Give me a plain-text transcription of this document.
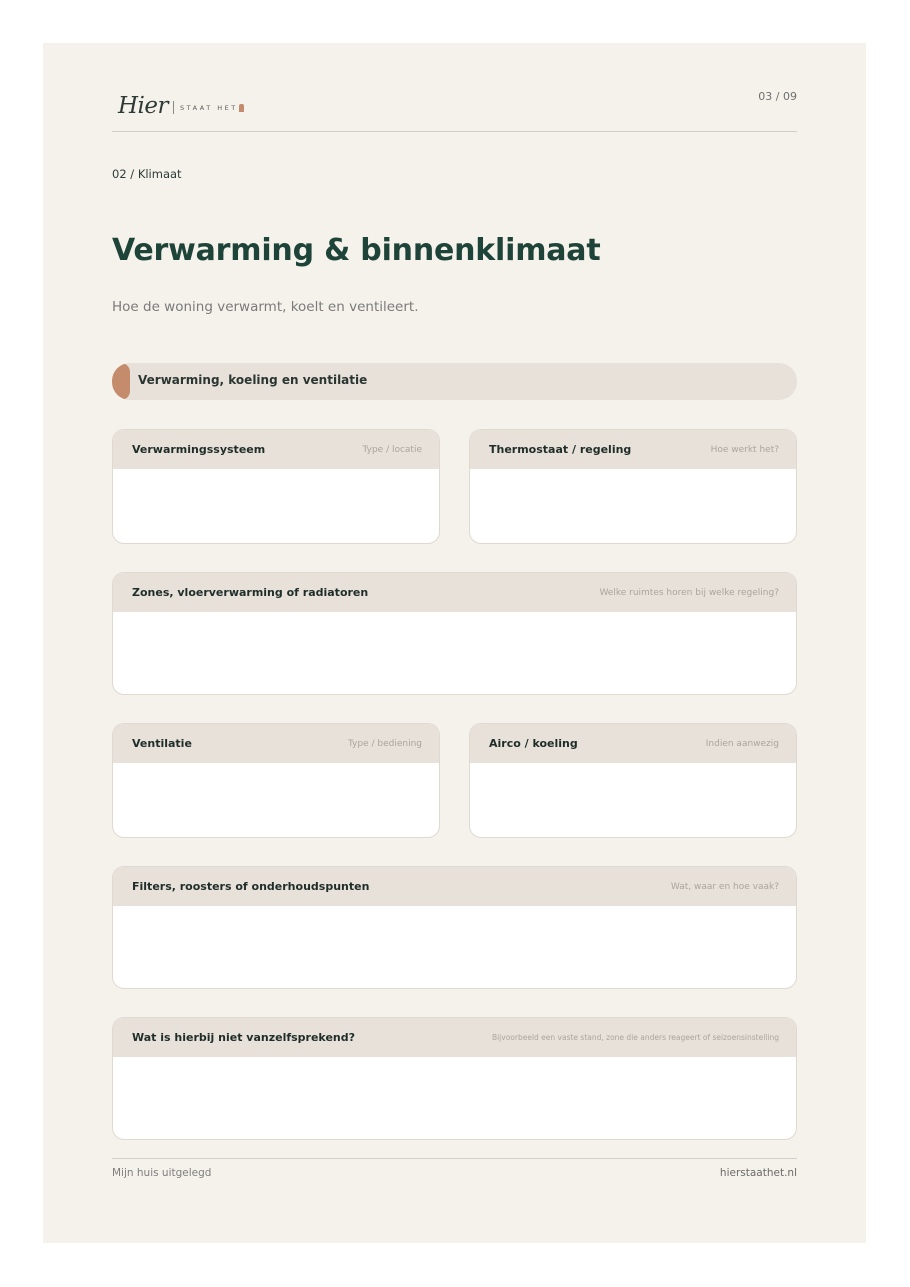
Hier STAAT HET
03 / 09
02 / Klimaat
Verwarming & binnenklimaat
Hoe de woning verwarmt, koelt en ventileert.
Verwarming, koeling en ventilatie
Verwarmingssysteem	Type / locatie	Thermostaat / regeling	Hoe werkt het?
Zones, vloerverwarming of radiatoren	Welke ruimtes horen bij welke regeling?
Ventilatie	Type / bediening	Airco / koeling	Indien aanwezig
Filters, roosters of onderhoudspunten	Wat, waar en hoe vaak?
Wat is hierbij niet vanzelfsprekend?	Bijvoorbeeld een vaste stand, zone die anders reageert of seizoensinstelling
Mijn huis uitgelegd	hierstaathet.nl
